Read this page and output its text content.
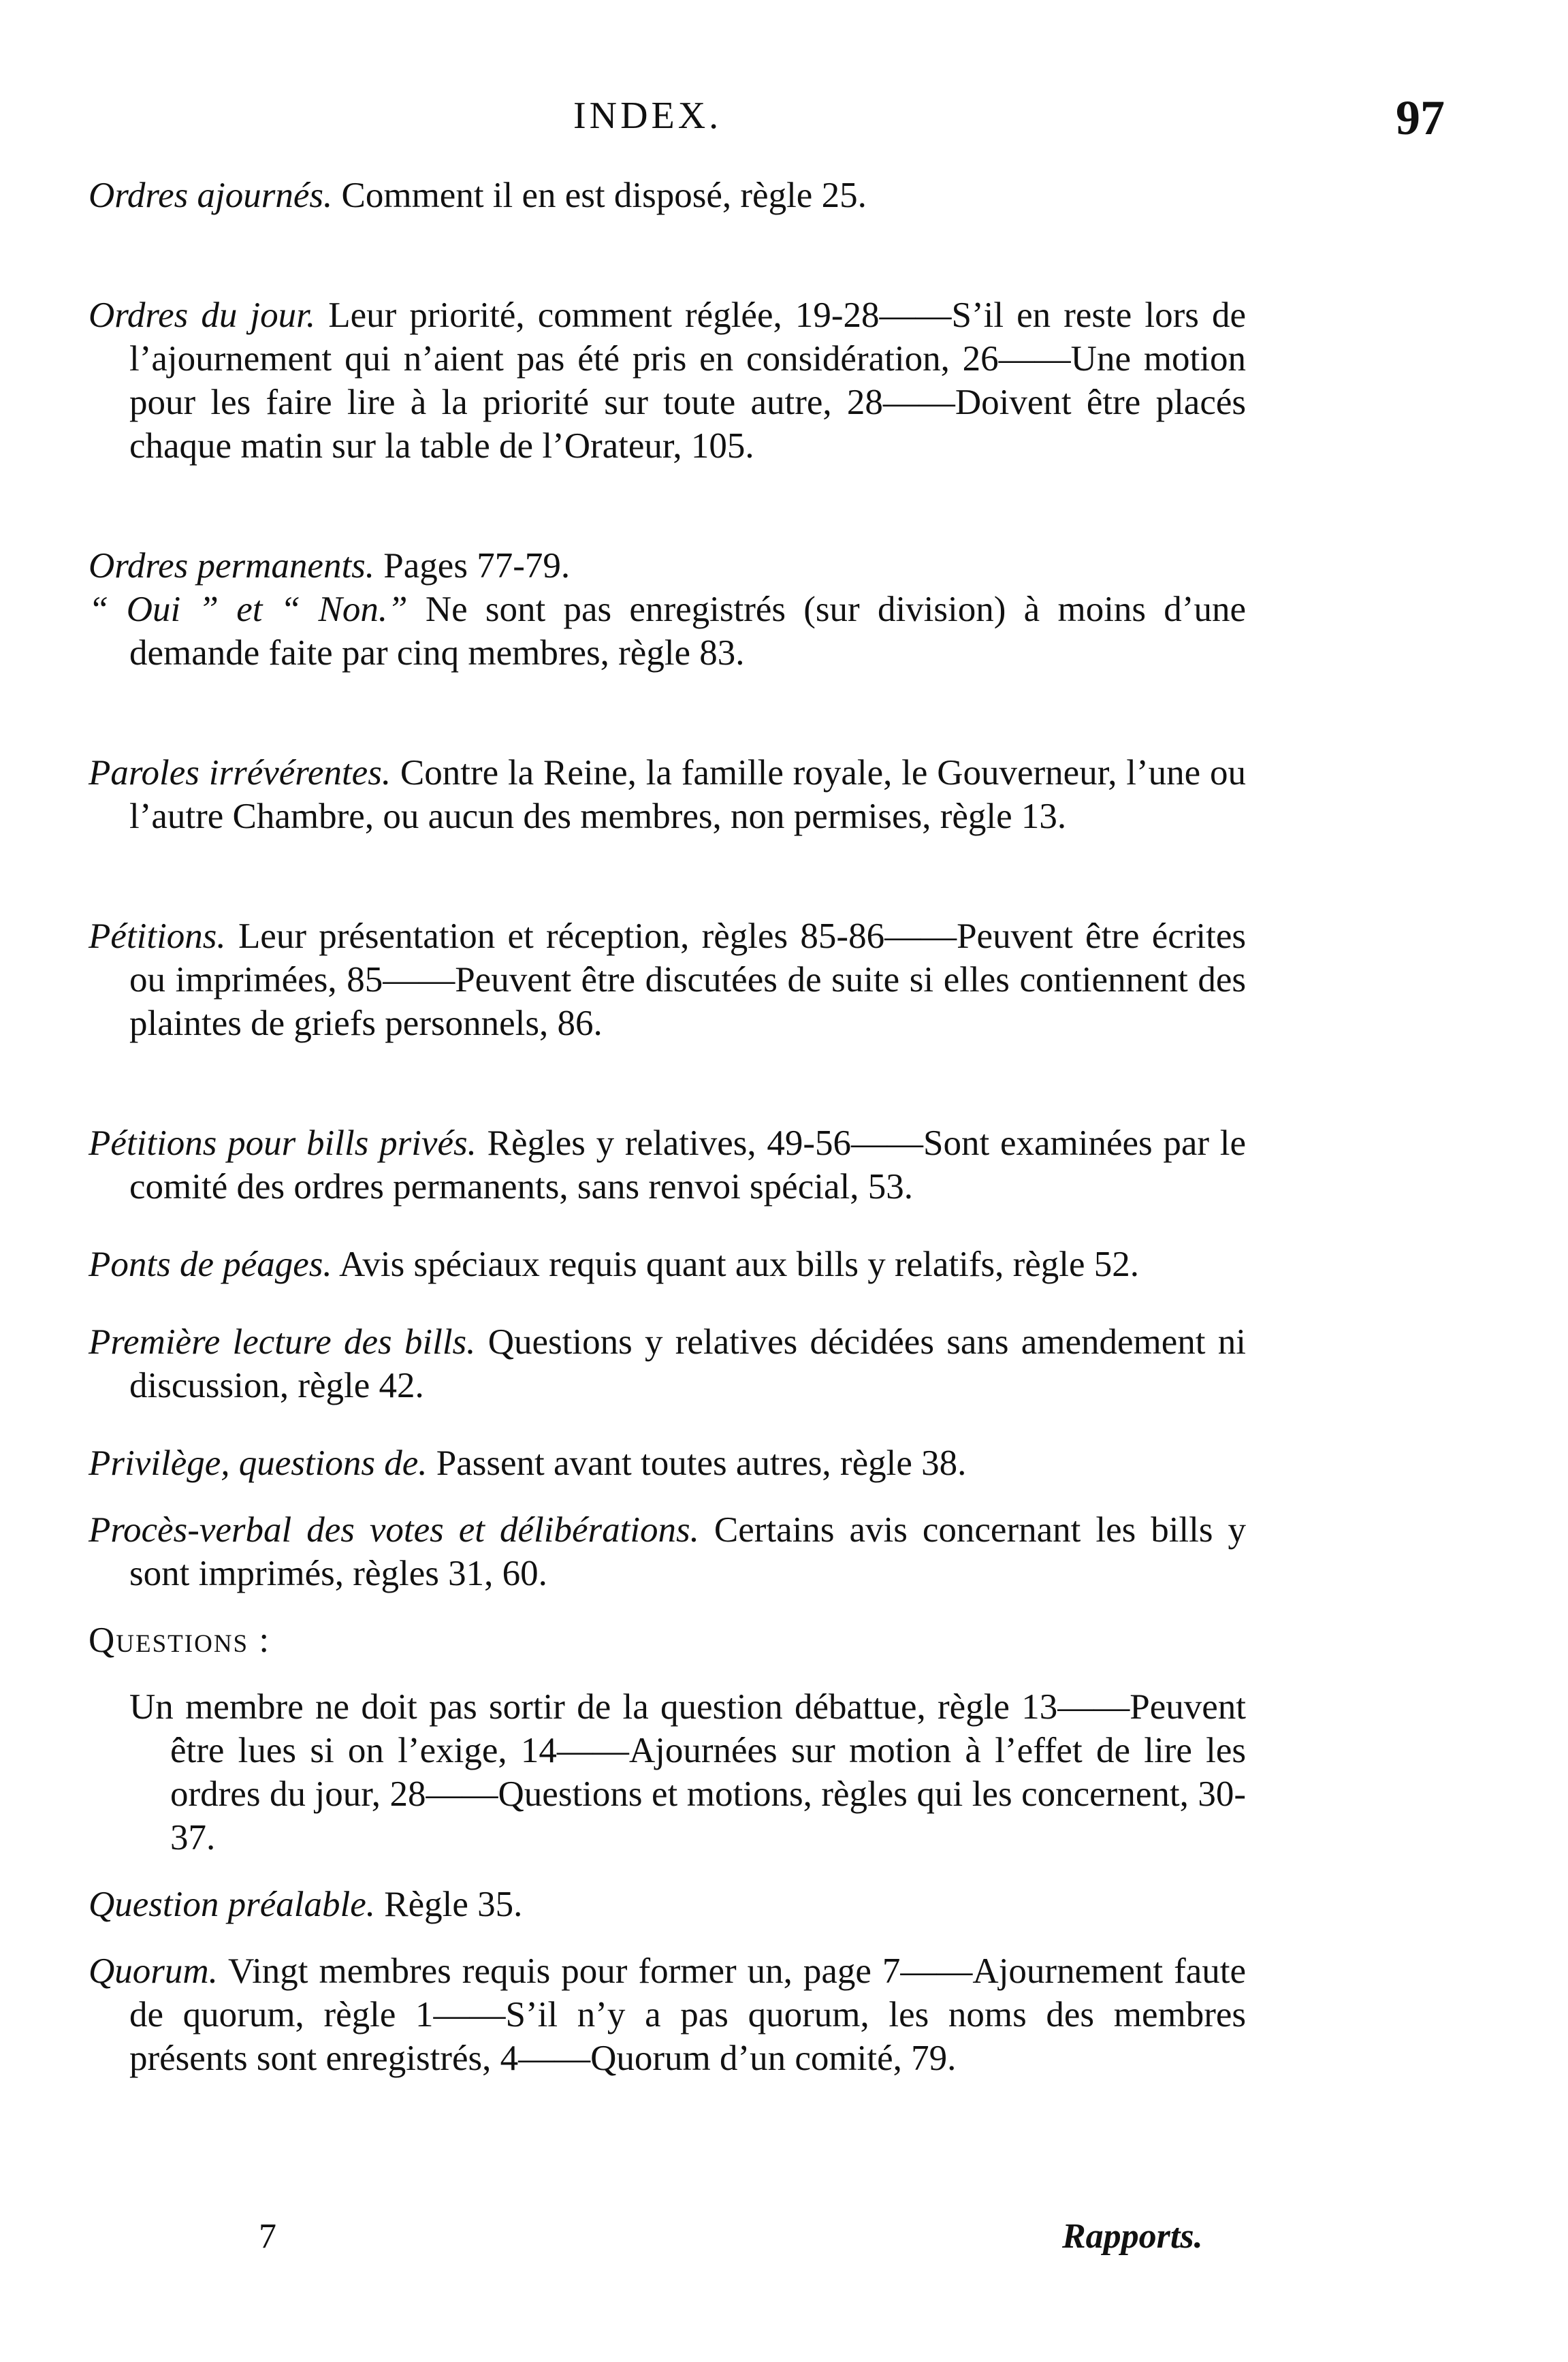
INDEX.	97

Ordres ajournés. Comment il en est disposé, règle 25.

Ordres du jour. Leur priorité, comment réglée, 19-28——S’il en reste lors de l’ajournement qui n’aient pas été pris en considération, 26——Une motion pour les faire lire à la priorité sur toute autre, 28——Doivent être placés chaque matin sur la table de l’Orateur, 105.

Ordres permanents. Pages 77-79.

“ Oui ” et “ Non.” Ne sont pas enregistrés (sur division) à moins d’une demande faite par cinq membres, règle 83.

Paroles irrévérentes. Contre la Reine, la famille royale, le Gouverneur, l’une ou l’autre Chambre, ou aucun des membres, non permises, règle 13.

Pétitions. Leur présentation et réception, règles 85-86——Peuvent être écrites ou imprimées, 85——Peuvent être discutées de suite si elles contiennent des plaintes de griefs personnels, 86.

Pétitions pour bills privés. Règles y relatives, 49-56——Sont examinées par le comité des ordres permanents, sans renvoi spécial, 53.

Ponts de péages. Avis spéciaux requis quant aux bills y relatifs, règle 52.

Première lecture des bills. Questions y relatives décidées sans amendement ni discussion, règle 42.

Privilège, questions de. Passent avant toutes autres, règle 38.

Procès-verbal des votes et délibérations. Certains avis concernant les bills y sont imprimés, règles 31, 60.

Questions :

Un membre ne doit pas sortir de la question débattue, règle 13——Peuvent être lues si on l’exige, 14——Ajournées sur motion à l’effet de lire les ordres du jour, 28——Questions et motions, règles qui les concernent, 30-37.

Question préalable. Règle 35.

Quorum. Vingt membres requis pour former un, page 7——Ajournement faute de quorum, règle 1——S’il n’y a pas quorum, les noms des membres présents sont enregistrés, 4——Quorum d’un comité, 79.

7	Rapports.
